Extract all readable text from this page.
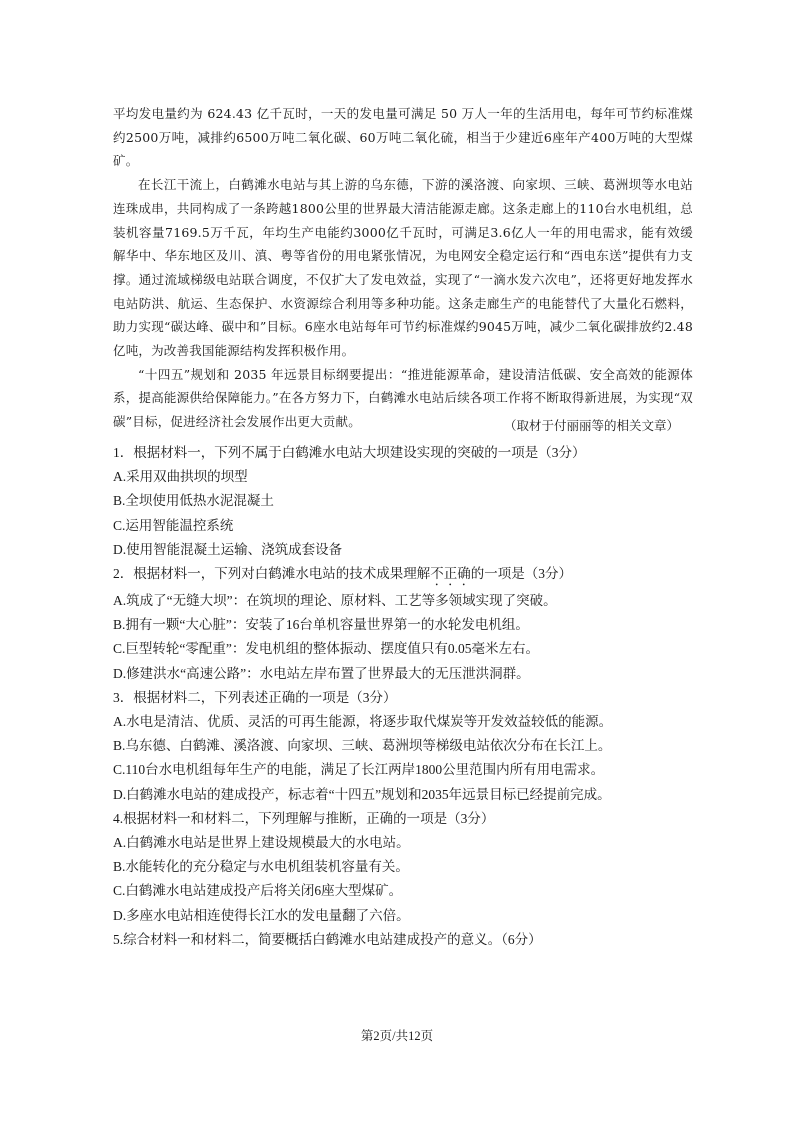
平均发电量约为 624.43 亿千瓦时，一天的发电量可满足 50 万人一年的生活用电，每年可节约标准煤约2500万吨，减排约6500万吨二氧化碳、60万吨二氧化硫，相当于少建近6座年产400万吨的大型煤矿。

在长江干流上，白鹤滩水电站与其上游的乌东德，下游的溪洛渡、向家坝、三峡、葛洲坝等水电站连珠成串，共同构成了一条跨越1800公里的世界最大清洁能源走廊。这条走廊上的110台水电机组，总装机容量7169.5万千瓦，年均生产电能约3000亿千瓦时，可满足3.6亿人一年的用电需求，能有效缓解华中、华东地区及川、滇、粤等省份的用电紧张情况，为电网安全稳定运行和“西电东送”提供有力支撑。通过流域梯级电站联合调度，不仅扩大了发电效益，实现了“一滴水发六次电”，还将更好地发挥水电站防洪、航运、生态保护、水资源综合利用等多种功能。这条走廊生产的电能替代了大量化石燃料，助力实现“碳达峰、碳中和”目标。6座水电站每年可节约标准煤约9045万吨，减少二氧化碳排放约2.48亿吨，为改善我国能源结构发挥积极作用。

“十四五”规划和 2035 年远景目标纲要提出：“推进能源革命，建设清洁低碳、安全高效的能源体系，提高能源供给保障能力。”在各方努力下，白鹤滩水电站后续各项工作将不断取得新进展，为实现“双碳”目标，促进经济社会发展作出更大贡献。	（取材于付丽丽等的相关文章）
1．根据材料一，下列不属于白鹤滩水电站大坝建设实现的突破的一项是（3分）
A.采用双曲拱坝的坝型
B.全坝使用低热水泥混凝土
C.运用智能温控系统
D.使用智能混凝土运输、浇筑成套设备
2．根据材料一，下列对白鹤滩水电站的技术成果理解不正确的一项是（3分）
A.筑成了“无缝大坝”：在筑坝的理论、原材料、工艺等多领域实现了突破。
B.拥有一颗“大心脏”：安装了16台单机容量世界第一的水轮发电机组。
C.巨型转轮“零配重”：发电机组的整体振动、摆度值只有0.05毫米左右。
D.修建洪水“高速公路”：水电站左岸布置了世界最大的无压泄洪洞群。
3．根据材料二，下列表述正确的一项是（3分）
A.水电是清洁、优质、灵活的可再生能源，将逐步取代煤炭等开发效益较低的能源。
B.乌东德、白鹤滩、溪洛渡、向家坝、三峡、葛洲坝等梯级电站依次分布在长江上。
C.110台水电机组每年生产的电能，满足了长江两岸1800公里范围内所有用电需求。
D.白鹤滩水电站的建成投产，标志着“十四五”规划和2035年远景目标已经提前完成。
4.根据材料一和材料二，下列理解与推断，正确的一项是（3分）
A.白鹤滩水电站是世界上建设规模最大的水电站。
B.水能转化的充分稳定与水电机组装机容量有关。
C.白鹤滩水电站建成投产后将关闭6座大型煤矿。
D.多座水电站相连使得长江水的发电量翻了六倍。
5.综合材料一和材料二，简要概括白鹤滩水电站建成投产的意义。（6分）
第2页/共12页
